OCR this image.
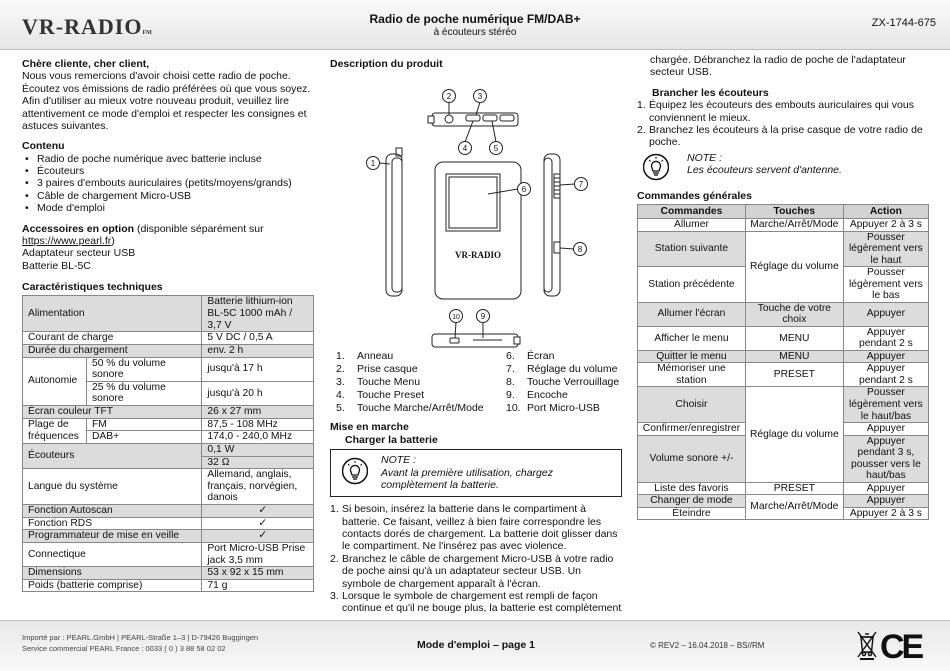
VR-RADIOFM
Radio de poche numérique FM/DAB+
à écouteurs stéréo
ZX-1744-675
Chère cliente, cher client,
Nous vous remercions d'avoir choisi cette radio de poche. Écoutez vos émissions de radio préférées où que vous soyez. Afin d'utiliser au mieux votre nouveau produit, veuillez lire attentivement ce mode d'emploi et respecter les consignes et astuces suivantes.
Contenu
• Radio de poche numérique avec batterie incluse
• Écouteurs
• 3 paires d'embouts auriculaires (petits/moyens/grands)
• Câble de chargement Micro-USB
• Mode d'emploi
Accessoires en option (disponible séparément sur
https://www.pearl.fr)
Adaptateur secteur USB
Batterie BL-5C
Caractéristiques techniques
Alimentation		Batterie lithium-ion BL-5C 1000 mAh / 3,7 V
Courant de charge		5 V DC / 0,5 A
Durée du chargement		env. 2 h
Autonomie	50 % du volume sonore	jusqu'à 17 h
	25 % du volume sonore	jusqu'à 20 h
Écran couleur TFT		26 x 27 mm
Plage de fréquences	FM	87,5 - 108 MHz
	DAB+	174,0 - 240,0 MHz
Écouteurs		0,1 W
		32 Ω
Langue du système		Allemand, anglais, français, norvégien, danois
Fonction Autoscan		✓
Fonction RDS		✓
Programmateur de mise en veille		✓
Connectique		Port Micro-USB Prise jack 3,5 mm
Dimensions		53 x 92 x 15 mm
Poids (batterie comprise)		71 g
Description du produit
1
2	3
4	5
6
7
8
9
10
VR-RADIO
1. Anneau	6. Écran
2. Prise casque	7. Réglage du volume
3. Touche Menu	8. Touche Verrouillage
4. Touche Preset	9. Encoche
5. Touche Marche/Arrêt/Mode	10. Port Micro-USB
Mise en marche
Charger la batterie
NOTE :
Avant la première utilisation, chargez complètement la batterie.
1. Si besoin, insérez la batterie dans le compartiment à batterie. Ce faisant, veillez à bien faire correspondre les contacts dorés de chargement. La batterie doit glisser dans le compartiment. Ne l'insérez pas avec violence.
2. Branchez le câble de chargement Micro-USB à votre radio de poche ainsi qu'à un adaptateur secteur USB. Un symbole de chargement apparaît à l'écran.
3. Lorsque le symbole de chargement est rempli de façon continue et qu'il ne bouge plus, la batterie est complètement
chargée. Débranchez la radio de poche de l'adaptateur secteur USB.
Brancher les écouteurs
1. Équipez les écouteurs des embouts auriculaires qui vous conviennent le mieux.
2. Branchez les écouteurs à la prise casque de votre radio de poche.
NOTE :
Les écouteurs servent d'antenne.
Commandes générales
Commandes	Touches	Action
Allumer	Marche/Arrêt/Mode	Appuyer 2 à 3 s
Station suivante	Réglage du volume	Pousser légèrement vers le haut
Station précédente		Pousser légèrement vers le bas
Allumer l'écran	Touche de votre choix	Appuyer
Afficher le menu	MENU	Appuyer pendant 2 s
Quitter le menu	MENU	Appuyer
Mémoriser une station	PRESET	Appuyer pendant 2 s
Choisir	Réglage du volume	Pousser légèrement vers le haut/bas
Confirmer/enregistrer		Appuyer
Volume sonore +/-		Appuyer pendant 3 s, pousser vers le haut/bas
Liste des favoris	PRESET	Appuyer
Changer de mode	Marche/Arrêt/Mode	Appuyer
Éteindre		Appuyer 2 à 3 s
Importé par : PEARL.GmbH | PEARL-Straße 1–3 | D-79426 Buggingen
Service commercial PEARL France : 0033 ( 0 ) 3 88 58 02 02	Mode d'emploi – page 1	© REV2 – 16.04.2018 – BS//RM	CE
